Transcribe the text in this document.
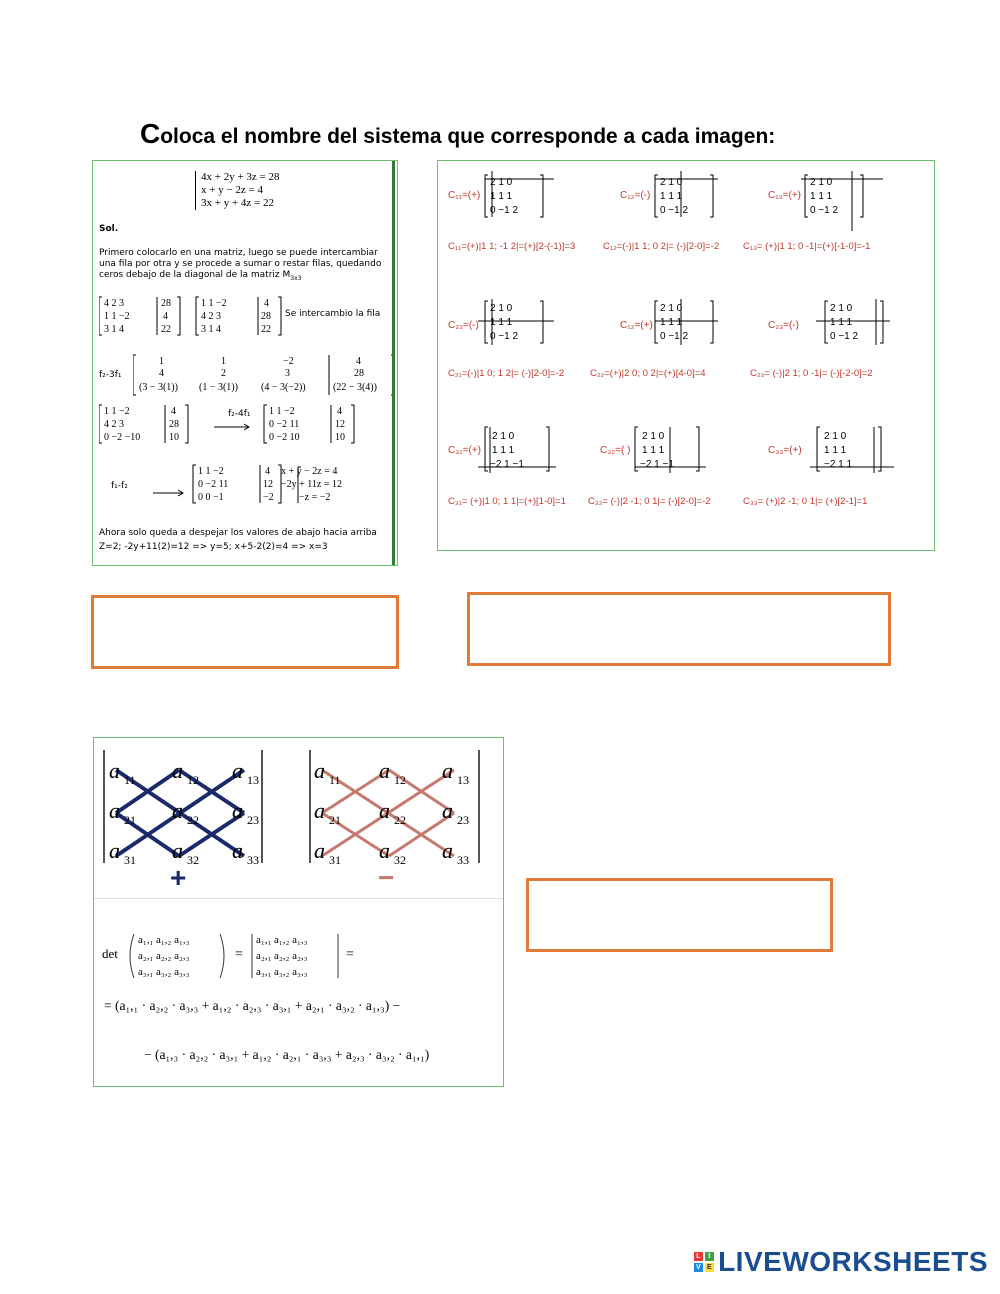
Coloca el nombre del sistema que corresponde a cada imagen:
4x + 2y + 3z = 28
x + y − 2z = 4
3x + y + 4z = 22
Sol.
Primero colocarlo en una matriz, luego se puede intercambiar
una fila por otra y se procede a sumar o restar filas, quedando
ceros debajo de la diagonal de la matriz $M_{3x3}$
4 2 3	28
1 1 −2	4
3 1 4	22
1 1 −2	4
4 2 3	28
3 1 4	22
Se intercambio la fila
f₂-3f₁
1	1	−2	4
4	2	3	28
(3 − 3(1)) (1 − 3(1)) (4 − 3(−2))	(22 − 3(4))
1 1 −2	4
4 2 3	28
0 −2 −10	10
1 1 −2	4
0 −2 11	12
0 −2 10	10
f₂-4f₁
1 1 −2	4
0 −2 11	12
0 0 −1	−2
f₁-f₂
x + y − 2z = 4
−2y + 11z = 12
−z = −2
Ahora solo queda a despejar los valores de abajo hacia arriba
Z=2; -2y+11(2)=12 => y=5; x+5-2(2)=4 => x=3
C₁₁=(+)
2 1 0
1 1 1
0 −1 2
C₁₂=(-)
2 1 0
1 1 1
0 −1 2
C₁₃=(+)
2 1 0
1 1 1
0 −1 2
C₁₁=(+)|1 1; -1 2|=(+)[2-(-1)]=3	C₁₂=(-)|1 1; 0 2|= (-)[2-0]=-2	C₁₃= (+)|1 1; 0 -1|=(+)[-1-0]=-1
C₂₂=(-)
2 1 0
1 1 1
0 −1 2
C₁₂=(+)
2 1 0
1 1 1
0 −1 2
C₂₃=(-)
2 1 0
1 1 1
0 −1 2
C₂₁=(-)|1 0; 1 2|= (-)[2-0]=-2	C₂₂=(+)|2 0; 0 2|=(+)[4-0]=4	C₂₃= (-)|2 1; 0 -1|= (-)[-2-0]=2
C₃₁=(+)
2 1 0
1 1 1
−2 1 −1
C₃₂=( )
2 1 0
1 1 1
−2 1 −1
C₃₃=(+)
2 1 0
1 1 1
−2 1 1
C₃₁= (+)|1 0; 1 1|=(+)[1-0]=1 C₃₂= (-)|2 -1; 0 1|= (-)[2-0]=-2	C₃₃= (+)|2 -1; 0 1|= (+)[2-1]=1
a 11 a 12 a 13
a 21 a 22 a 23
a 31 a 32 a 33
a 11 a 12 a 13
a 21 a 22 a 23
a 31 a 32 a 33
+	−
det
a₁,₁ a₁,₂ a₁,₃
a₂,₁ a₂,₂ a₂,₃
a₃,₁ a₃,₂ a₃,₃
=
a₁,₁ a₁,₂ a₁,₃
a₂,₁ a₂,₂ a₂,₃
a₃,₁ a₃,₂ a₃,₃
=
= (a₁,₁ · a₂,₂ · a₃,₃ + a₁,₂ · a₂,₃ · a₃,₁ + a₂,₁ · a₃,₂ · a₁,₃) −
− (a₁,₃ · a₂,₂ · a₃,₁ + a₁,₂ · a₂,₁ · a₃,₃ + a₂,₃ · a₃,₂ · a₁,₁)
L	I
V E LIVEWORKSHEETS
